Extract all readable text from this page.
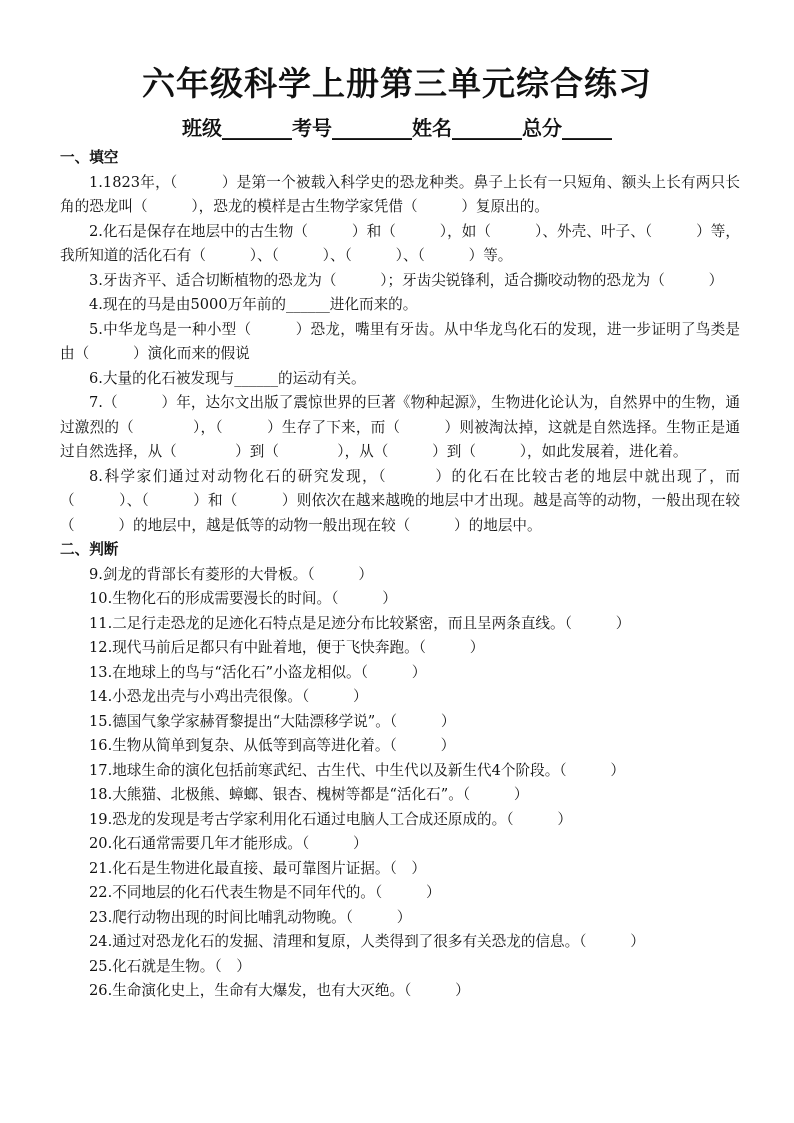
六年级科学上册第三单元综合练习
班级_______考号________姓名_______总分_____
一、填空
1.1823年，（　　　）是第一个被载入科学史的恐龙种类。鼻子上长有一只短角、额头上长有两只长角的恐龙叫（　　　），恐龙的模样是古生物学家凭借（　　　）复原出的。
2.化石是保存在地层中的古生物（　　　）和（　　　），如（　　　）、外壳、叶子、（　　　）等，我所知道的活化石有（　　　）、（　　　）、（　　　）、（　　　）等。
3.牙齿齐平、适合切断植物的恐龙为（　　　）；牙齿尖锐锋利，适合撕咬动物的恐龙为（　　　）
4.现在的马是由5000万年前的______进化而来的。
5.中华龙鸟是一种小型（　　　）恐龙，嘴里有牙齿。从中华龙鸟化石的发现，进一步证明了鸟类是由（　　　）演化而来的假说
6.大量的化石被发现与______的运动有关。
7.（　　　）年，达尔文出版了震惊世界的巨著《物种起源》，生物进化论认为，自然界中的生物，通过激烈的（　　　　），（　　　）生存了下来，而（　　　）则被淘汰掉，这就是自然选择。生物正是通过自然选择，从（　　　　）到（　　　　），从（　　　）到（　　　），如此发展着，进化着。
8.科学家们通过对动物化石的研究发现，（　　　）的化石在比较古老的地层中就出现了，而（　　　）、（　　　）和（　　　）则依次在越来越晚的地层中才出现。越是高等的动物，一般出现在较（　　　）的地层中，越是低等的动物一般出现在较（　　　）的地层中。
二、判断
9.剑龙的背部长有菱形的大骨板。（　　　）
10.生物化石的形成需要漫长的时间。（　　　）
11.二足行走恐龙的足迹化石特点是足迹分布比较紧密，而且呈两条直线。（　　　）
12.现代马前后足都只有中趾着地，便于飞快奔跑。（　　　）
13.在地球上的鸟与“活化石”小盗龙相似。（　　　）
14.小恐龙出壳与小鸡出壳很像。（　　　）
15.德国气象学家赫胥黎提出“大陆漂移学说”。（　　　）
16.生物从简单到复杂、从低等到高等进化着。（　　　）
17.地球生命的演化包括前寒武纪、古生代、中生代以及新生代4个阶段。（　　　）
18.大熊猫、北极熊、蟑螂、银杏、槐树等都是“活化石”。（　　　）
19.恐龙的发现是考古学家利用化石通过电脑人工合成还原成的。（　　　）
20.化石通常需要几年才能形成。（　　　）
21.化石是生物进化最直接、最可靠图片证据。（　）
22.不同地层的化石代表生物是不同年代的。（　　　）
23.爬行动物出现的时间比哺乳动物晚。（　　　）
24.通过对恐龙化石的发掘、清理和复原，人类得到了很多有关恐龙的信息。（　　　）
25.化石就是生物。（　）
26.生命演化史上，生命有大爆发，也有大灭绝。（　　　）
